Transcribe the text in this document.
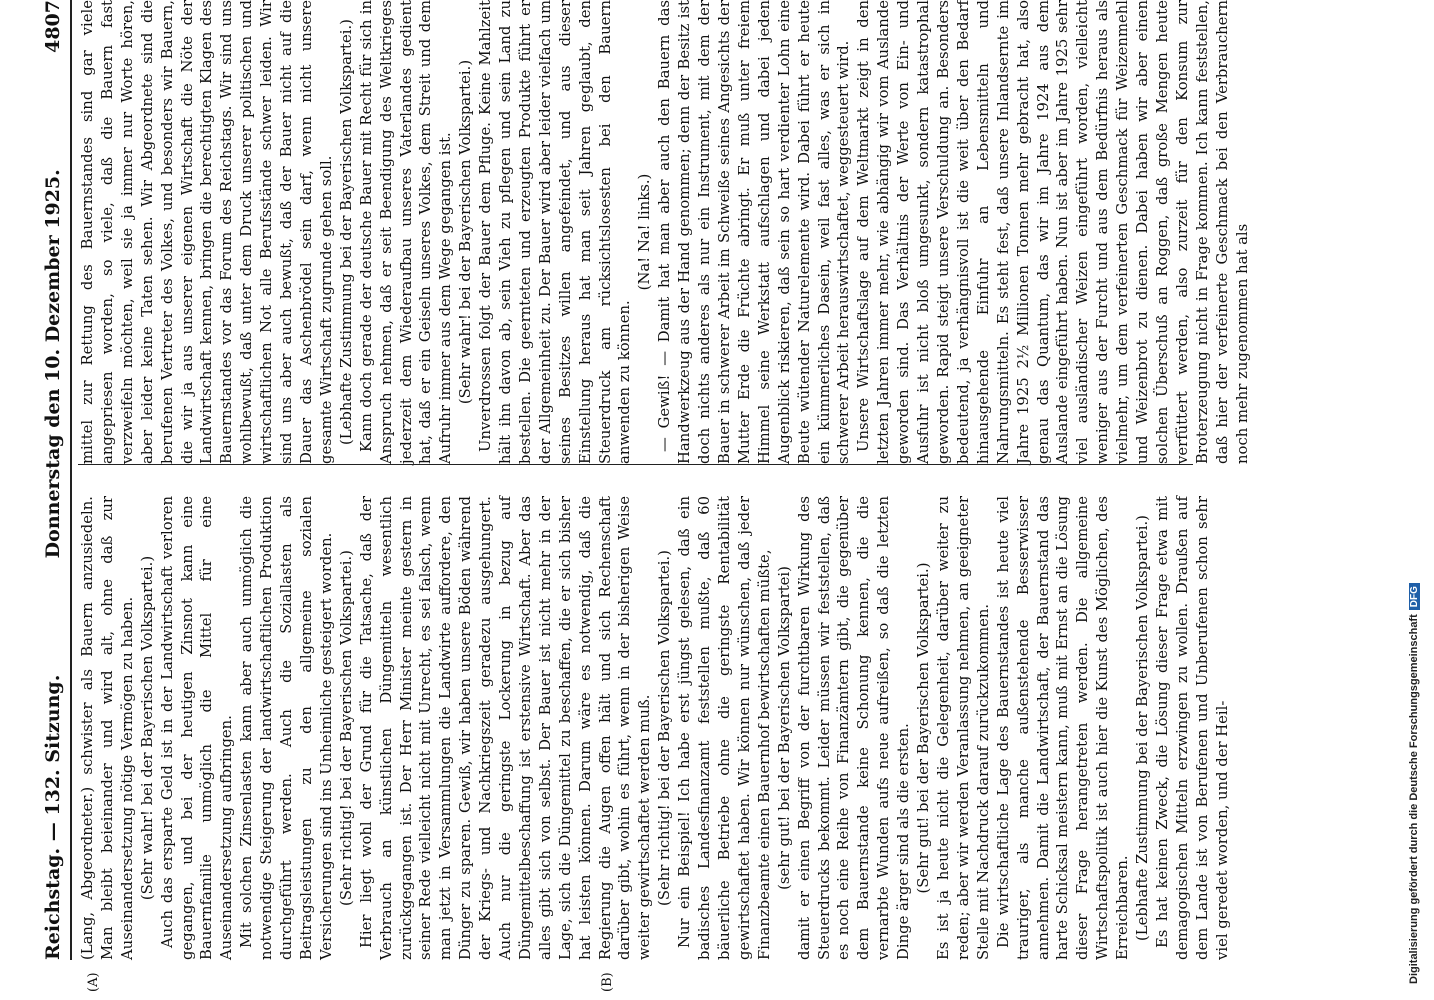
Reichstag. — 132. Sitzung.
Donnerstag den 10. Dezember 1925.
4807
(A)	(B)

(Lang, Abgeordneter.) schwister als Bauern anzusiedeln. Man bleibt beieinander und wird alt, ohne daß zur Auseinandersetzung nötige Vermögen zu haben. (Sehr wahr! bei der Bayerischen Volkspartei.) Auch das ersparte Geld ist in der Landwirtschaft verloren gegangen, und bei der heutigen Zinsnot kann eine Bauernfamilie unmöglich die Mittel für eine Auseinandersetzung aufbringen. Mit solchen Zinsenlasten kann aber auch unmöglich die notwendige Steigerung der landwirtschaftlichen Produktion durchgeführt werden. Auch die Soziallasten als Beitragsleistungen zu den allgemeine sozialen Versicherungen sind ins Unheimliche gesteigert worden. (Sehr richtig! bei der Bayerischen Volkspartei.) Hier liegt wohl der Grund für die Tatsache, daß der Verbrauch an künstlichen Düngemitteln wesentlich zurückgegangen ist. Der Herr Minister meinte gestern in seiner Rede vielleicht nicht mit Unrecht, es sei falsch, wenn man jetzt in Versammlungen die Landwirte auffordere, den Dünger zu sparen. Gewiß, wir haben unsere Böden während der Kriegs- und Nachkriegszeit geradezu ausgehungert. Auch nur die geringste Lockerung in bezug auf Düngemittelbeschaffung ist erstensive Wirtschaft. Aber das alles gibt sich von selbst. Der Bauer ist nicht mehr in der Lage, sich die Düngemittel zu beschaffen, die er sich bisher hat leisten können. Darum wäre es notwendig, daß die Regierung die Augen offen hält und sich Rechenschaft darüber gibt, wohin es führt, wenn in der bisherigen Weise weiter gewirtschaftet werden muß. (Sehr richtig! bei der Bayerischen Volkspartei.) Nur ein Beispiel! Ich habe erst jüngst gelesen, daß ein badisches Landesfinanzamt feststellen mußte, daß 60 bäuerliche Betriebe ohne die geringste Rentabilität gewirtschaftet haben. Wir können nur wünschen, daß jeder Finanzbeamte einen Bauernhof bewirtschaften müßte, (sehr gut! bei der Bayerischen Volkspartei) damit er einen Begriff von der furchtbaren Wirkung des Steuerdrucks bekommt. Leider müssen wir feststellen, daß es noch eine Reihe von Finanzämtern gibt, die gegenüber dem Bauernstande keine Schonung kennen, die die vernarbte Wunden aufs neue aufreißen, so daß die letzten Dinge ärger sind als die ersten. (Sehr gut! bei der Bayerischen Volkspartei.) Es ist ja heute nicht die Gelegenheit, darüber weiter zu reden; aber wir werden Veranlassung nehmen, an geeigneter Stelle mit Nachdruck darauf zurückzukommen. Die wirtschaftliche Lage des Bauernstandes ist heute viel trauriger, als manche außenstehende Besserwisser annehmen. Damit die Landwirtschaft, der Bauernstand das harte Schicksal meistern kann, muß mit Ernst an die Lösung dieser Frage herangetreten werden. Die allgemeine Wirtschaftspolitik ist auch hier die Kunst des Möglichen, des Erreichbaren. (Lebhafte Zustimmung bei der Bayerischen Volkspartei.) Es hat keinen Zweck, die Lösung dieser Frage etwa mit demagogischen Mitteln erzwingen zu wollen. Draußen auf dem Lande ist von Berufenen und Unberufenen schon sehr viel geredet worden, und der Heil-

mittel zur Rettung des Bauernstandes sind gar viele angepriesen worden, so viele, daß die Bauern fast verzweifeln möchten, weil sie ja immer nur Worte hören, aber leider keine Taten sehen. Wir Abgeordnete sind die berufenen Vertreter des Volkes, und besonders wir Bauern, die wir ja aus unserer eigenen Wirtschaft die Nöte der Landwirtschaft kennen, bringen die berechtigten Klagen des Bauernstandes vor das Forum des Reichstags. Wir sind uns wohlbewußt, daß unter dem Druck unserer politischen und wirtschaftlichen Not alle Berufsstände schwer leiden. Wir sind uns aber auch bewußt, daß der Bauer nicht auf die Dauer das Aschenbrödel sein darf, wenn nicht unsere gesamte Wirtschaft zugrunde gehen soll. (Lebhafte Zustimmung bei der Bayerischen Volkspartei.) Kann doch gerade der deutsche Bauer mit Recht für sich in Anspruch nehmen, daß er seit Beendigung des Weltkrieges jederzeit dem Wiederaufbau unseres Vaterlandes gedient hat, daß er ein Geiseln unseres Volkes, dem Streit und dem Aufruhr immer aus dem Wege gegangen ist. (Sehr wahr! bei der Bayerischen Volkspartei.) Unverdrossen folgt der Bauer dem Pfluge. Keine Mahlzeit hält ihn davon ab, sein Vieh zu pflegen und sein Land zu bestellen. Die geernteten und erzeugten Produkte führt er der Allgemeinheit zu. Der Bauer wird aber leider vielfach um seines Besitzes willen angefeindet, und aus dieser Einstellung heraus hat man seit Jahren geglaubt, den Steuerdruck am rücksichtslosesten bei den Bauern anwenden zu können.

(Na! Na! links.) — Gewiß! — Damit hat man aber auch den Bauern das Handwerkzeug aus der Hand genommen; denn der Besitz ist doch nichts anderes als nur ein Instrument, mit dem der Bauer in schwerer Arbeit im Schweiße seines Angesichts der Mutter Erde die Früchte abringt. Er muß unter freiem Himmel seine Werkstatt aufschlagen und dabei jeden Augenblick riskieren, daß sein so hart verdienter Lohn eine Beute wütender Naturelemente wird. Dabei führt er heute ein kümmerliches Dasein, weil fast alles, was er sich in schwerer Arbeit herauswirtschaftet, weggesteuert wird. Unsere Wirtschaftslage auf dem Weltmarkt zeigt in den letzten Jahren immer mehr, wie abhängig wir vom Auslande geworden sind. Das Verhältnis der Werte von Ein- und Ausfuhr ist nicht bloß umgesunkt, sondern katastrophal geworden. Rapid steigt unsere Verschuldung an. Besonders bedeutend, ja verhängnisvoll ist die weit über den Bedarf hinausgehende Einfuhr an Lebensmitteln und Nahrungsmitteln. Es steht fest, daß unsere Inlandsernte im Jahre 1925 2½ Millionen Tonnen mehr gebracht hat, also genau das Quantum, das wir im Jahre 1924 aus dem Auslande eingeführt haben. Nun ist aber im Jahre 1925 sehr viel ausländischer Weizen eingeführt worden, vielleicht weniger aus der Furcht und aus dem Bedürfnis heraus als vielmehr, um dem verfeinerten Geschmack für Weizenmehl und Weizenbrot zu dienen. Dabei haben wir aber einen solchen Überschuß an Roggen, daß große Mengen heute verfüttert werden, also zurzeit für den Konsum zur Broterzeugung nicht in Frage kommen. Ich kann feststellen, daß hier der verfeinerte Geschmack bei den Verbrauchern noch mehr zugenommen hat als

Digitalisierung gefördert durch die Deutsche ForschungsgemeinschaftDFG
